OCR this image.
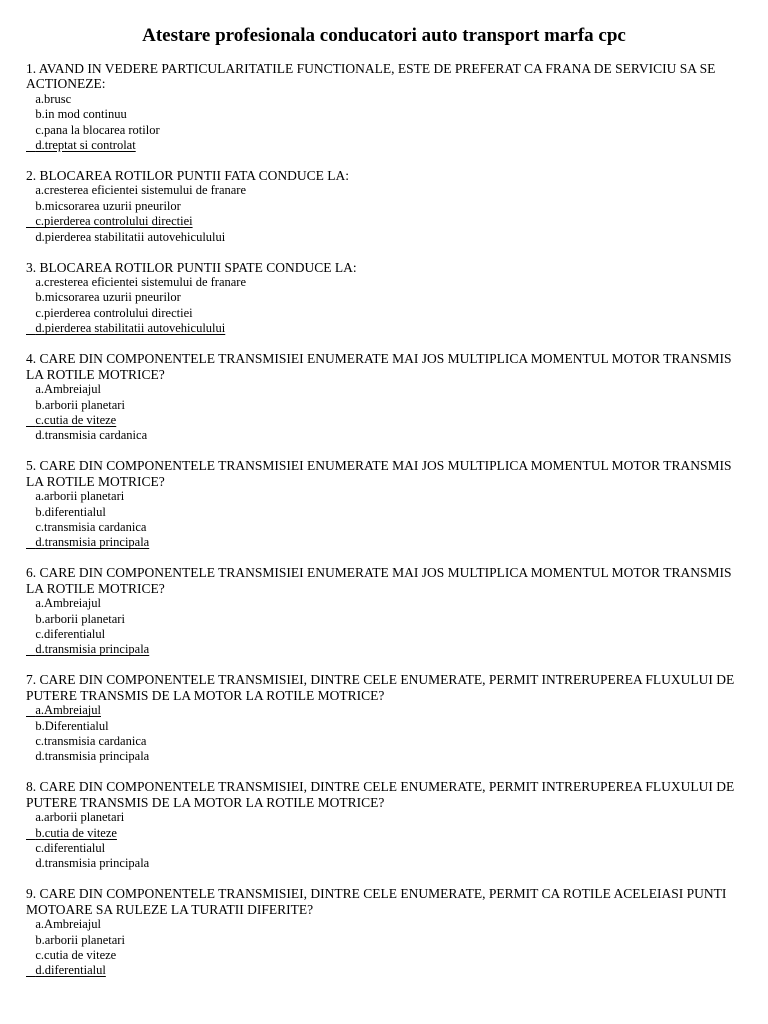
Atestare profesionala conducatori auto transport marfa cpc

1. AVAND IN VEDERE PARTICULARITATILE FUNCTIONALE, ESTE DE PREFERAT CA FRANA DE SERVICIU SA SE ACTIONEZE:

a.brusc

b.in mod continuu

c.pana la blocarea rotilor

d.treptat si controlat

2. BLOCAREA ROTILOR PUNTII FATA CONDUCE LA:

a.cresterea eficientei sistemului de franare

b.micsorarea uzurii pneurilor

c.pierderea controlului directiei

d.pierderea stabilitatii autovehiculului

3. BLOCAREA ROTILOR PUNTII SPATE CONDUCE LA:

a.cresterea eficientei sistemului de franare

b.micsorarea uzurii pneurilor

c.pierderea controlului directiei

d.pierderea stabilitatii autovehiculului

4. CARE DIN COMPONENTELE TRANSMISIEI ENUMERATE MAI JOS MULTIPLICA MOMENTUL MOTOR TRANSMIS LA ROTILE MOTRICE?

a.Ambreiajul

b.arborii planetari

c.cutia de viteze

d.transmisia cardanica

5. CARE DIN COMPONENTELE TRANSMISIEI ENUMERATE MAI JOS MULTIPLICA MOMENTUL MOTOR TRANSMIS LA ROTILE MOTRICE?

a.arborii planetari

b.diferentialul

c.transmisia cardanica

d.transmisia principala

6. CARE DIN COMPONENTELE TRANSMISIEI ENUMERATE MAI JOS MULTIPLICA MOMENTUL MOTOR TRANSMIS LA ROTILE MOTRICE?

a.Ambreiajul

b.arborii planetari

c.diferentialul

d.transmisia principala

7. CARE DIN COMPONENTELE TRANSMISIEI, DINTRE CELE ENUMERATE, PERMIT INTRERUPEREA FLUXULUI DE PUTERE TRANSMIS DE LA MOTOR LA ROTILE MOTRICE?

a.Ambreiajul

b.Diferentialul

c.transmisia cardanica

d.transmisia principala

8. CARE DIN COMPONENTELE TRANSMISIEI, DINTRE CELE ENUMERATE, PERMIT INTRERUPEREA FLUXULUI DE PUTERE TRANSMIS DE LA MOTOR LA ROTILE MOTRICE?

a.arborii planetari

b.cutia de viteze

c.diferentialul

d.transmisia principala

9. CARE DIN COMPONENTELE TRANSMISIEI, DINTRE CELE ENUMERATE, PERMIT CA ROTILE ACELEIASI PUNTI MOTOARE SA RULEZE LA TURATII DIFERITE?

a.Ambreiajul

b.arborii planetari

c.cutia de viteze

d.diferentialul
